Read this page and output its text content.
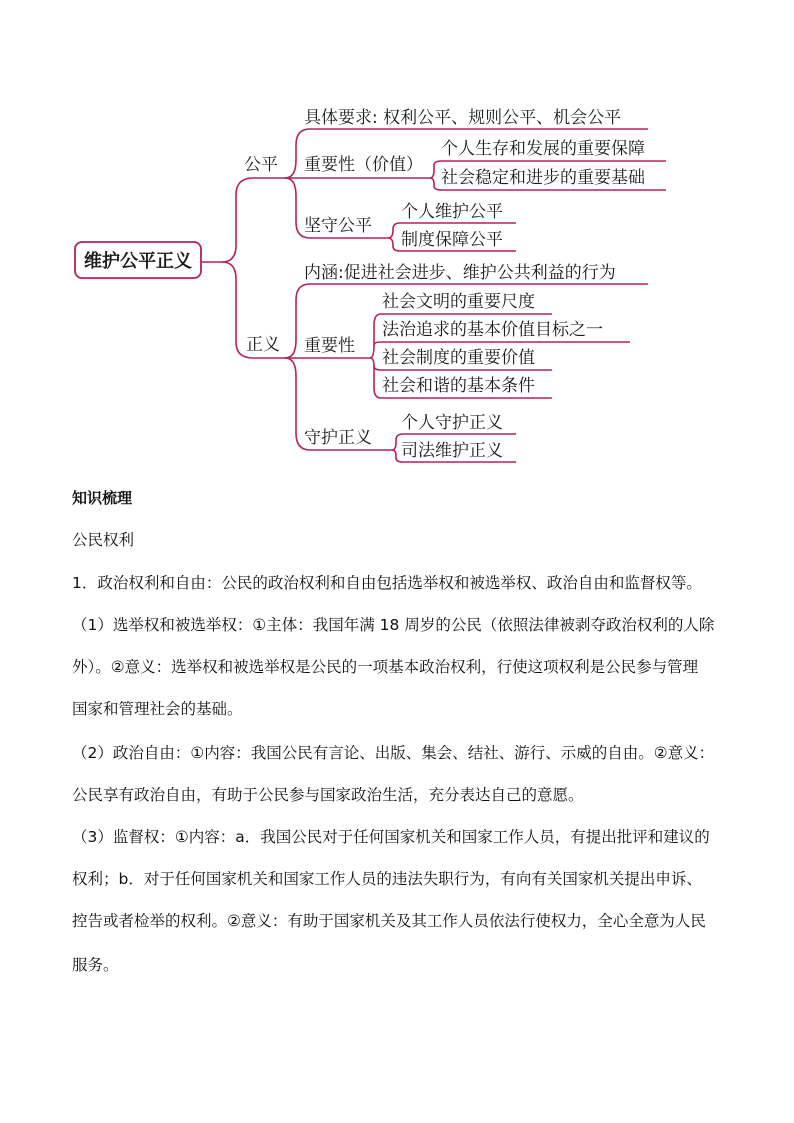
维护公平正义
公平
具体要求: 权利公平、规则公平、机会公平
重要性（价值）
坚守公平
个人生存和发展的重要保障
社会稳定和进步的重要基础
个人维护公平
制度保障公平
正义
内涵:促进社会进步、维护公共利益的行为
重要性
守护正义
社会文明的重要尺度
法治追求的基本价值目标之一
社会制度的重要价值
社会和谐的基本条件
个人守护正义
司法维护正义
知识梳理
公民权利
1．政治权利和自由：公民的政治权利和自由包括选举权和被选举权、政治自由和监督权等。
（1）选举权和被选举权：①主体：我国年满 18 周岁的公民（依照法律被剥夺政治权利的人除
外）。②意义：选举权和被选举权是公民的一项基本政治权利，行使这项权利是公民参与管理
国家和管理社会的基础。
（2）政治自由：①内容：我国公民有言论、出版、集会、结社、游行、示威的自由。②意义：
公民享有政治自由，有助于公民参与国家政治生活，充分表达自己的意愿。
（3）监督权：①内容：a．我国公民对于任何国家机关和国家工作人员，有提出批评和建议的
权利；b．对于任何国家机关和国家工作人员的违法失职行为，有向有关国家机关提出申诉、
控告或者检举的权利。②意义：有助于国家机关及其工作人员依法行使权力，全心全意为人民
服务。
